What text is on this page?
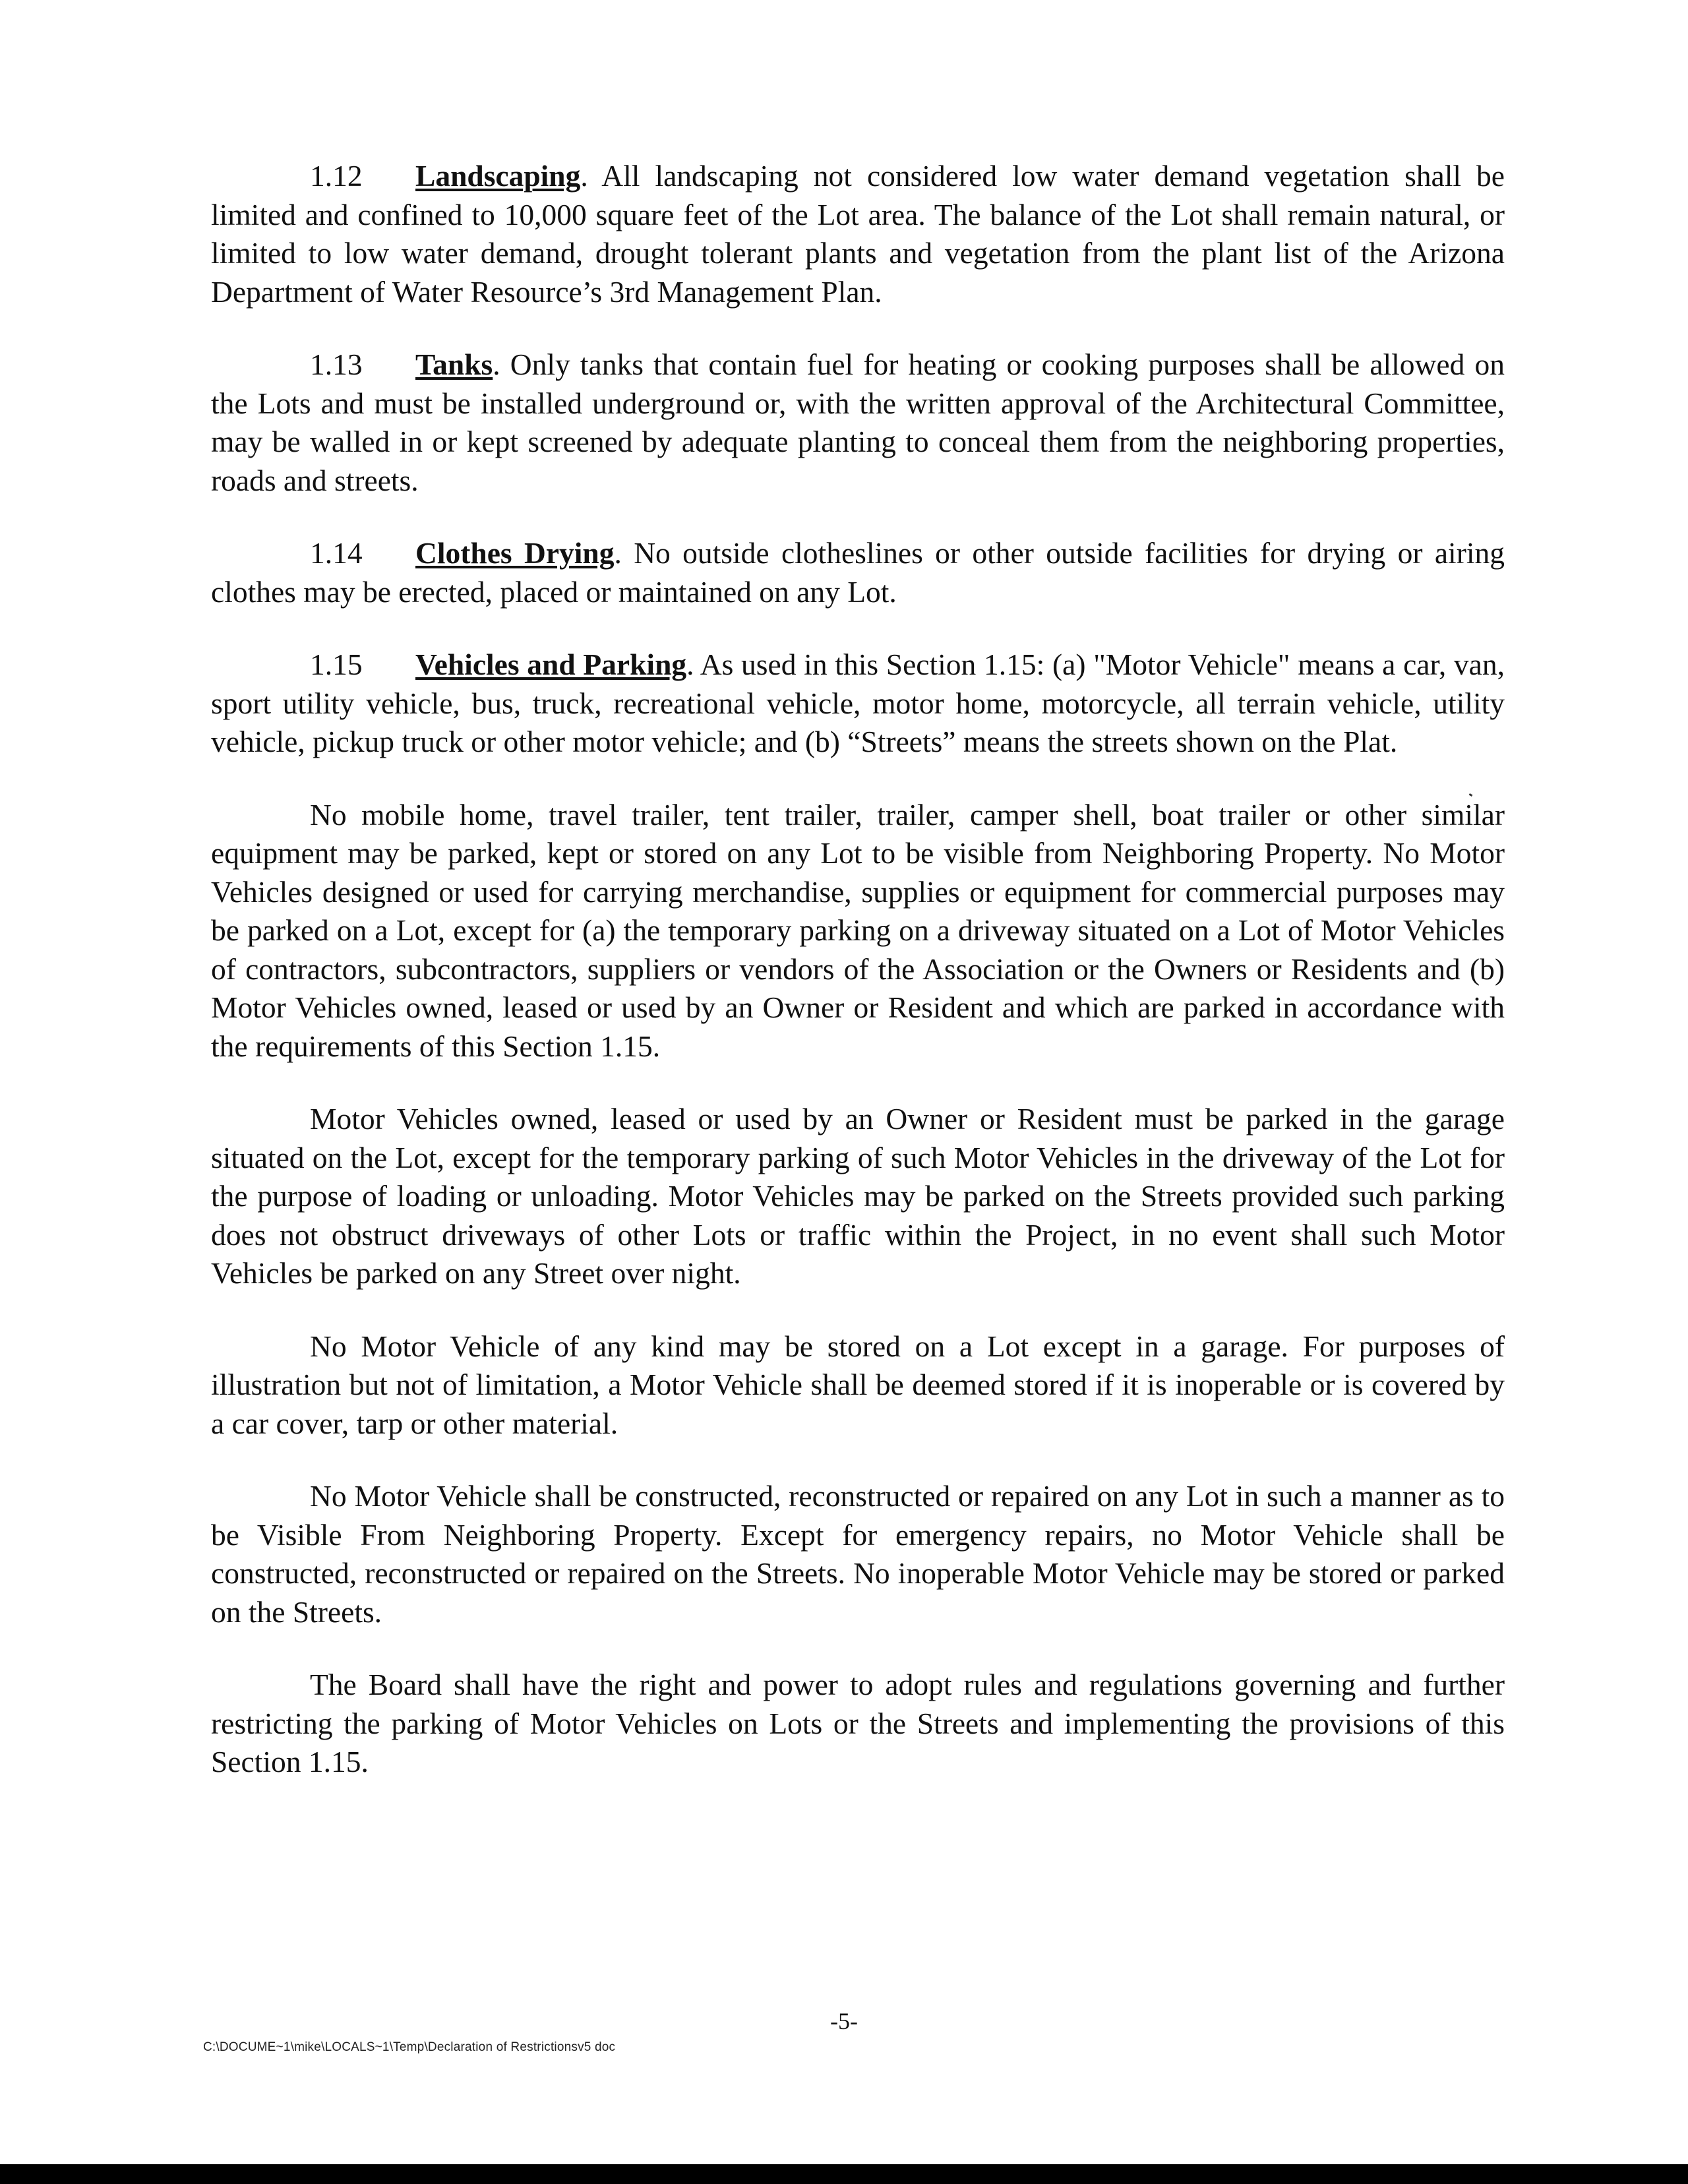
1.12 Landscaping. All landscaping not considered low water demand vegetation shall be limited and confined to 10,000 square feet of the Lot area. The balance of the Lot shall remain natural, or limited to low water demand, drought tolerant plants and vegetation from the plant list of the Arizona Department of Water Resource’s 3rd Management Plan.

1.13 Tanks. Only tanks that contain fuel for heating or cooking purposes shall be allowed on the Lots and must be installed underground or, with the written approval of the Architectural Committee, may be walled in or kept screened by adequate planting to conceal them from the neighboring properties, roads and streets.

1.14 Clothes Drying. No outside clotheslines or other outside facilities for drying or airing clothes may be erected, placed or maintained on any Lot.

1.15 Vehicles and Parking. As used in this Section 1.15: (a) "Motor Vehicle" means a car, van, sport utility vehicle, bus, truck, recreational vehicle, motor home, motorcycle, all terrain vehicle, utility vehicle, pickup truck or other motor vehicle; and (b) “Streets” means the streets shown on the Plat.

No mobile home, travel trailer, tent trailer, trailer, camper shell, boat trailer or other similar equipment may be parked, kept or stored on any Lot to be visible from Neighboring Property. No Motor Vehicles designed or used for carrying merchandise, supplies or equipment for commercial purposes may be parked on a Lot, except for (a) the temporary parking on a driveway situated on a Lot of Motor Vehicles of contractors, subcontractors, suppliers or vendors of the Association or the Owners or Residents and (b) Motor Vehicles owned, leased or used by an Owner or Resident and which are parked in accordance with the requirements of this Section 1.15.

Motor Vehicles owned, leased or used by an Owner or Resident must be parked in the garage situated on the Lot, except for the temporary parking of such Motor Vehicles in the driveway of the Lot for the purpose of loading or unloading. Motor Vehicles may be parked on the Streets provided such parking does not obstruct driveways of other Lots or traffic within the Project, in no event shall such Motor Vehicles be parked on any Street over night.

No Motor Vehicle of any kind may be stored on a Lot except in a garage. For purposes of illustration but not of limitation, a Motor Vehicle shall be deemed stored if it is inoperable or is covered by a car cover, tarp or other material.

No Motor Vehicle shall be constructed, reconstructed or repaired on any Lot in such a manner as to be Visible From Neighboring Property. Except for emergency repairs, no Motor Vehicle shall be constructed, reconstructed or repaired on the Streets. No inoperable Motor Vehicle may be stored or parked on the Streets.

The Board shall have the right and power to adopt rules and regulations governing and further restricting the parking of Motor Vehicles on Lots or the Streets and implementing the provisions of this Section 1.15.

-5-
C:\DOCUME~1\mike\LOCALS~1\Temp\Declaration of Restrictionsv5 doc
